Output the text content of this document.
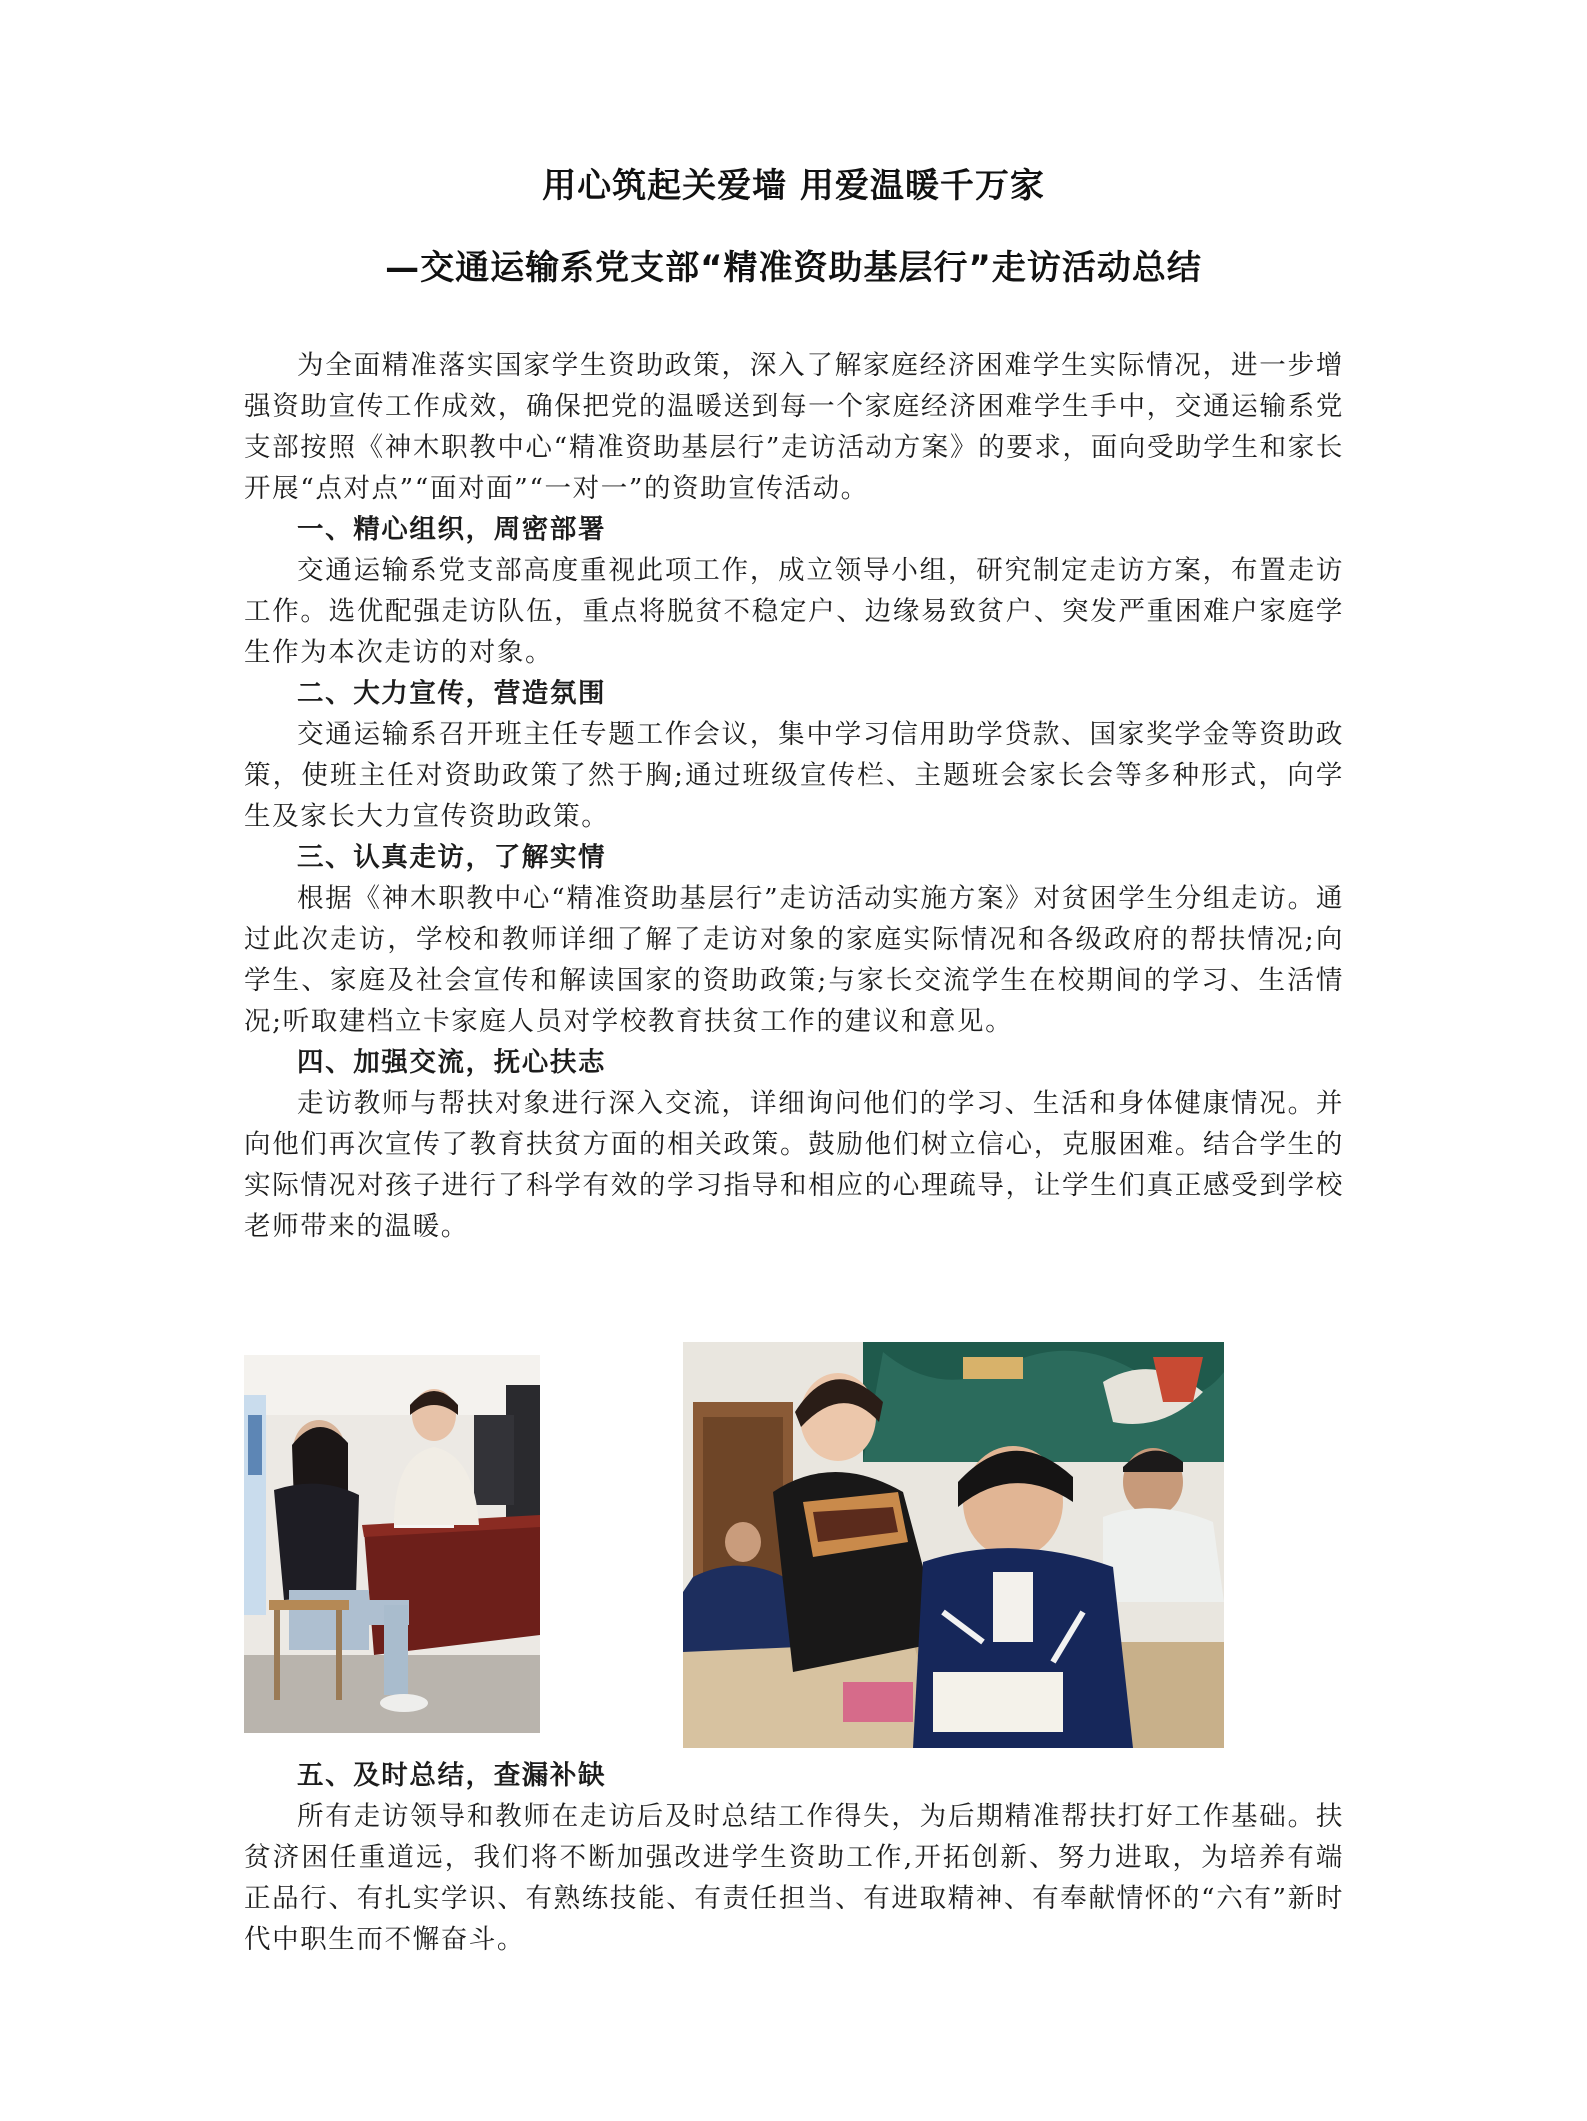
用心筑起关爱墙 用爱温暖千万家
—交通运输系党支部“精准资助基层行”走访活动总结

为全面精准落实国家学生资助政策，深入了解家庭经济困难学生实际情况，进一步增强资助宣传工作成效，确保把党的温暖送到每一个家庭经济困难学生手中，交通运输系党支部按照《神木职教中心“精准资助基层行”走访活动方案》的要求，面向受助学生和家长开展“点对点”“面对面”“一对一”的资助宣传活动。

一、精心组织，周密部署

交通运输系党支部高度重视此项工作，成立领导小组，研究制定走访方案，布置走访工作。选优配强走访队伍，重点将脱贫不稳定户、边缘易致贫户、突发严重困难户家庭学生作为本次走访的对象。

二、大力宣传，营造氛围

交通运输系召开班主任专题工作会议，集中学习信用助学贷款、国家奖学金等资助政策，使班主任对资助政策了然于胸;通过班级宣传栏、主题班会家长会等多种形式，向学生及家长大力宣传资助政策。

三、认真走访，了解实情

根据《神木职教中心“精准资助基层行”走访活动实施方案》对贫困学生分组走访。通过此次走访，学校和教师详细了解了走访对象的家庭实际情况和各级政府的帮扶情况;向学生、家庭及社会宣传和解读国家的资助政策;与家长交流学生在校期间的学习、生活情况;听取建档立卡家庭人员对学校教育扶贫工作的建议和意见。

四、加强交流，抚心扶志

走访教师与帮扶对象进行深入交流，详细询问他们的学习、生活和身体健康情况。并向他们再次宣传了教育扶贫方面的相关政策。鼓励他们树立信心，克服困难。结合学生的实际情况对孩子进行了科学有效的学习指导和相应的心理疏导，让学生们真正感受到学校老师带来的温暖。

五、及时总结，查漏补缺

所有走访领导和教师在走访后及时总结工作得失，为后期精准帮扶打好工作基础。扶贫济困任重道远，我们将不断加强改进学生资助工作,开拓创新、努力进取，为培养有端正品行、有扎实学识、有熟练技能、有责任担当、有进取精神、有奉献情怀的“六有”新时代中职生而不懈奋斗。
